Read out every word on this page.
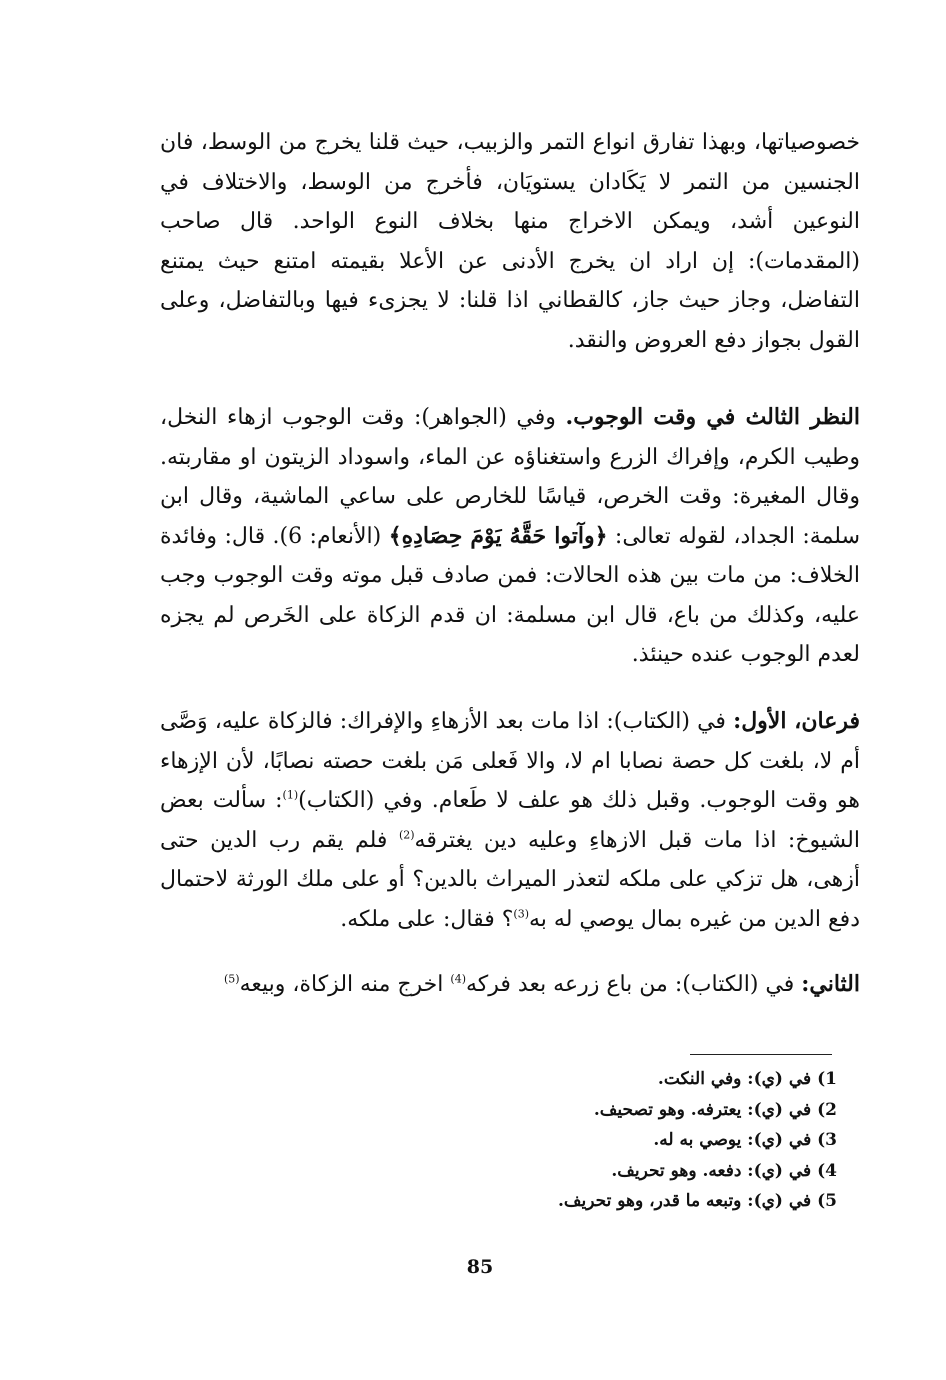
خصوصياتها، وبهذا تفارق انواع التمر والزبيب، حيث قلنا يخرج من الوسط، فان الجنسين من التمر لا يَكَادان يستويَان، فأخرج من الوسط، والاختلاف في النوعين أشد، ويمكن الاخراج منها بخلاف النوع الواحد. قال صاحب (المقدمات): إن اراد ان يخرج الأدنى عن الأعلا بقيمته امتنع حيث يمتنع التفاضل، وجاز حيث جاز، كالقطاني اذا قلنا: لا يجزىء فيها وبالتفاضل، وعلى القول بجواز دفع العروض والنقد.

النظر الثالث في وقت الوجوب. وفي (الجواهر): وقت الوجوب ازهاء النخل، وطيب الكرم، وإفراك الزرع واستغناؤه عن الماء، واسوداد الزيتون او مقاربته. وقال المغيرة: وقت الخرص، قياسًا للخارص على ساعي الماشية، وقال ابن سلمة: الجداد، لقوله تعالى: ﴿وآتوا حَقَّهُ يَوْمَ حِصَادِهِ﴾ (الأنعام: 6). قال: وفائدة الخلاف: من مات بين هذه الحالات: فمن صادف قبل موته وقت الوجوب وجب عليه، وكذلك من باع، قال ابن مسلمة: ان قدم الزكاة على الخَرص لم يجزه لعدم الوجوب عنده حينئذ.

فرعان، الأول: في (الكتاب): اذا مات بعد الأزهاءِ والإفراك: فالزكاة عليه، وَصَّى أم لا، بلغت كل حصة نصابا ام لا، والا فَعلى مَن بلغت حصته نصابًا، لأن الإزهاء هو وقت الوجوب. وقبل ذلك هو علف لا طَعام. وفي (الكتاب)$^{(1)}$: سألت بعض الشيوخ: اذا مات قبل الازهاءِ وعليه دين يغترقه$^{(2)}$ فلم يقم رب الدين حتى أزهى، هل تزكي على ملكه لتعذر الميراث بالدين؟ أو على ملك الورثة لاحتمال دفع الدين من غيره بمال يوصي له به$^{(3)}$؟ فقال: على ملكه.

الثاني: في (الكتاب): من باع زرعه بعد فركه$^{(4)}$ اخرج منه الزكاة، وبيعه$^{(5)}$

1) في (ي): وفي النكت.
2) في (ي): يعترفه. وهو تصحيف.
3) في (ي): يوصي به له.
4) في (ي): دفعه. وهو تحريف.
5) في (ي): وتبعه ما قدر، وهو تحريف.
85
